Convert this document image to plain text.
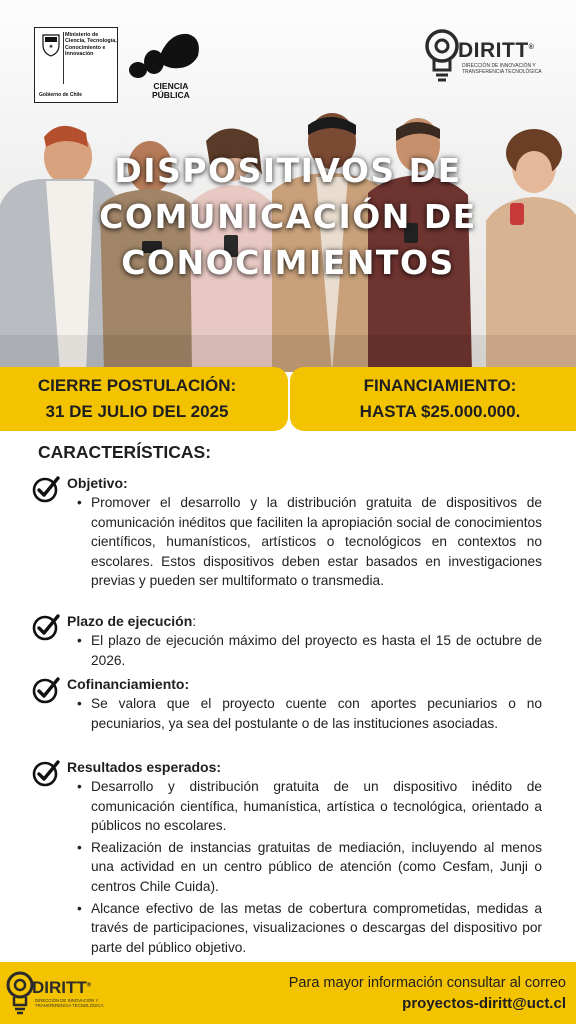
Ministerio de Ciencia, Tecnología, Conocimiento e Innovación
Gobierno de Chile
CIENCIA
PÚBLICA
DIRITT®
DIRECCIÓN DE INNOVACIÓN Y TRANSFERENCIA TECNOLÓGICA
DISPOSITIVOS DE
COMUNICACIÓN DE
CONOCIMIENTOS
CIERRE POSTULACIÓN:
31 DE JULIO DEL 2025
FINANCIAMIENTO:
HASTA $25.000.000.
CARACTERÍSTICAS:
Objetivo:
• Promover el desarrollo y la distribución gratuita de dispositivos de comunicación inéditos que faciliten la apropiación social de conocimientos científicos, humanísticos, artísticos o tecnológicos en contextos no escolares. Estos dispositivos deben estar basados en investigaciones previas y pueden ser multiformato o transmedia.
Plazo de ejecución:
• El plazo de ejecución máximo del proyecto es hasta el 15 de octubre de 2026.
Cofinanciamiento:
• Se valora que el proyecto cuente con aportes pecuniarios o no pecuniarios, ya sea del postulante o de las instituciones asociadas.
Resultados esperados:
• Desarrollo y distribución gratuita de un dispositivo inédito de comunicación científica, humanística, artística o tecnológica, orientado a públicos no escolares.
• Realización de instancias gratuitas de mediación, incluyendo al menos una actividad en un centro público de atención (como Cesfam, Junji o centros Chile Cuida).
• Alcance efectivo de las metas de cobertura comprometidas, medidas a través de participaciones, visualizaciones o descargas del dispositivo por parte del público objetivo.
DIRITT®
DIRECCIÓN DE INNOVACIÓN Y TRANSFERENCIA TECNOLÓGICA
Para mayor información consultar al correo
proyectos-diritt@uct.cl
